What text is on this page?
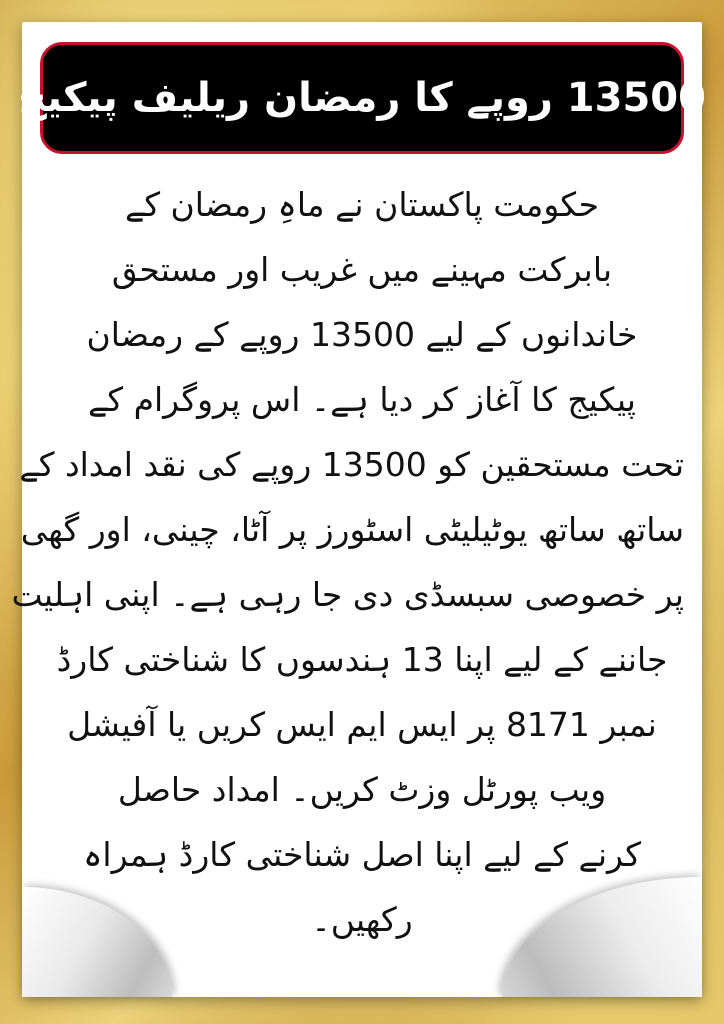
13500 روپے کا رمضان ریلیف پیکیج
حکومت پاکستان نے ماہِ رمضان کے
بابرکت مہینے میں غریب اور مستحق
خاندانوں کے لیے 13500 روپے کے رمضان
پیکیج کا آغاز کر دیا ہے۔ اس پروگرام کے
تحت مستحقین کو 13500 روپے کی نقد امداد کے
ساتھ ساتھ یوٹیلیٹی اسٹورز پر آٹا، چینی، اور گھی
پر خصوصی سبسڈی دی جا رہی ہے۔ اپنی اہلیت
جاننے کے لیے اپنا 13 ہندسوں کا شناختی کارڈ
نمبر 8171 پر ایس ایم ایس کریں یا آفیشل
ویب پورٹل وزٹ کریں۔ امداد حاصل
کرنے کے لیے اپنا اصل شناختی کارڈ ہمراہ
رکھیں۔
